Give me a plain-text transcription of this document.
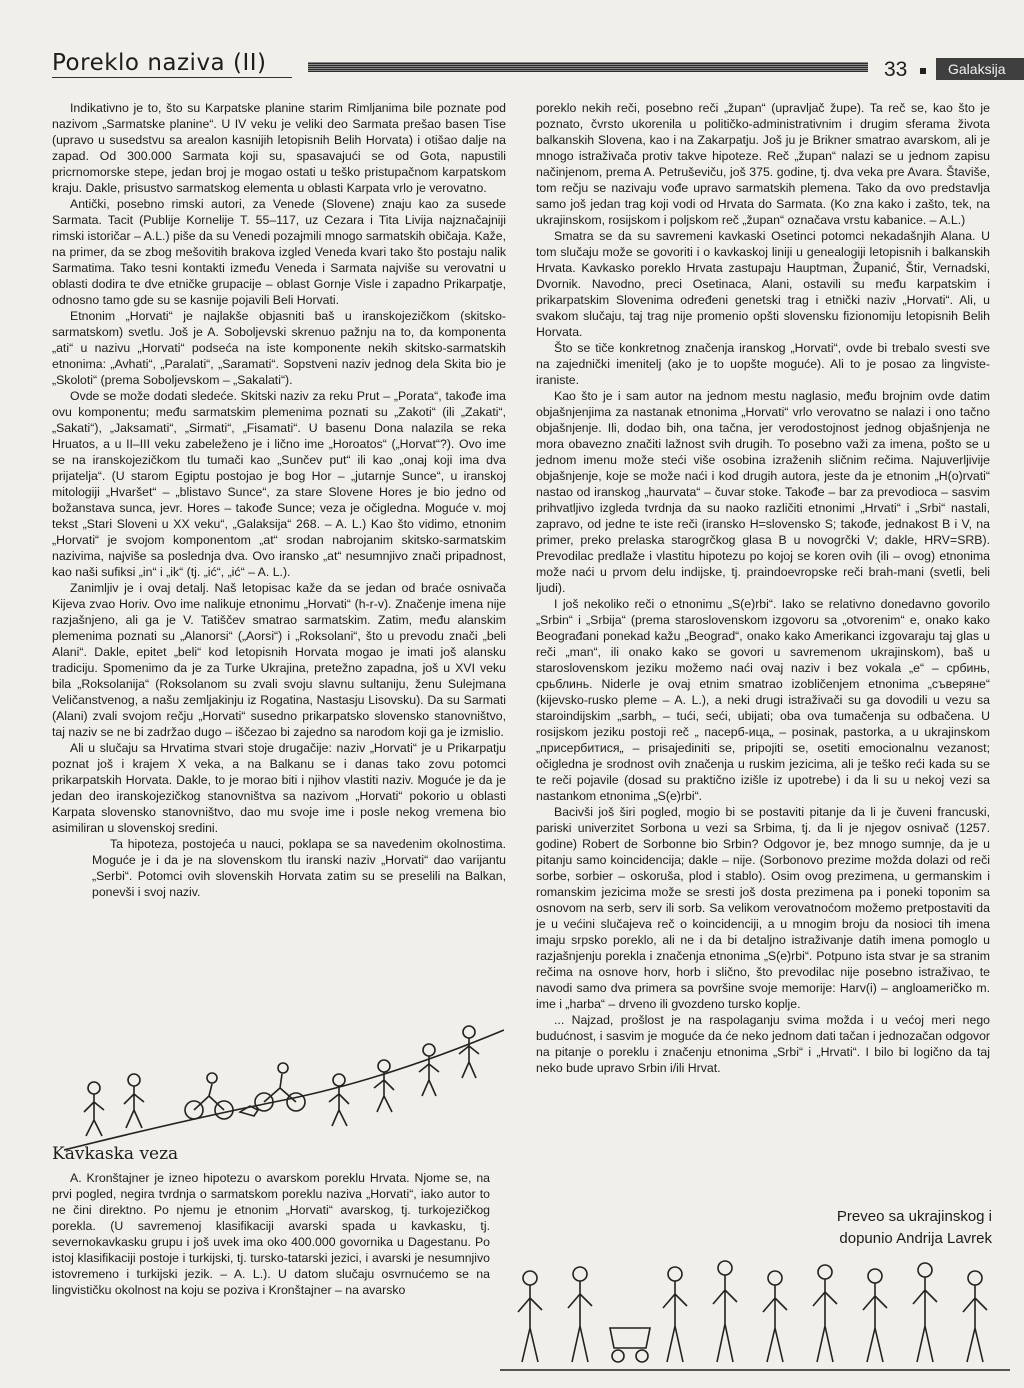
Poreklo naziva (II)	33	Galaksija

Indikativno je to, što su Karpatske planine starim Rimljanima bile poznate pod nazivom „Sarmatske planine“. U IV veku je veliki deo Sarmata prešao basen Tise (upravo u susedstvu sa arealon kasnijih letopisnih Belih Horvata) i otišao dalje na zapad. Od 300.000 Sarmata koji su, spasavajući se od Gota, napustili pricrnomorske stepe, jedan broj je mogao ostati u teško pristupačnom karpatskom kraju. Dakle, prisustvo sarmatskog elementa u oblasti Karpata vrlo je verovatno.

Antički, posebno rimski autori, za Venede (Slovene) znaju kao za susede Sarmata. Tacit (Publije Kornelije T. 55–117, uz Cezara i Tita Livija najznačajniji rimski istoričar – A.L.) piše da su Venedi pozajmili mnogo sarmatskih običaja. Kaže, na primer, da se zbog mešovitih brakova izgled Veneda kvari tako što postaju nalik Sarmatima. Tako tesni kontakti između Veneda i Sarmata najviše su verovatni u oblasti dodira te dve etničke grupacije – oblast Gornje Visle i zapadno Prikarpatje, odnosno tamo gde su se kasnije pojavili Beli Horvati.

Etnonim „Horvati“ je najlakše objasniti baš u iranskojezičkom (skitsko-sarmatskom) svetlu. Još je A. Soboljevski skrenuo pažnju na to, da komponenta „ati“ u nazivu „Horvati“ podseća na iste komponente nekih skitsko-sarmatskih etnonima: „Avhati“, „Paralati“, „Saramati“. Sopstveni naziv jednog dela Skita bio je „Skoloti“ (prema Soboljevskom – „Sakalati“).

Ovde se može dodati sledeće. Skitski naziv za reku Prut – „Porata“, takođe ima ovu komponentu; među sarmatskim plemenima poznati su „Zakoti“ (ili „Zakati“, „Sakati“), „Jaksamati“, „Sirmati“, „Fisamati“. U basenu Dona nalazila se reka Hruatos, a u II–III veku zabeleženo je i lično ime „Horoatos“ („Horvat“?). Ovo ime se na iranskojezičkom tlu tumači kao „Sunčev put“ ili kao „onaj koji ima dva prijatelja“. (U starom Egiptu postojao je bog Hor – „jutarnje Sunce“, u iranskoj mitologiji „Hvaršet“ – „blistavo Sunce“, za stare Slovene Hores je bio jedno od božanstava sunca, jevr. Hores – takođe Sunce; veza je očigledna. Moguće v. moj tekst „Stari Sloveni u XX veku“, „Galaksija“ 268. – A. L.) Kao što vidimo, etnonim „Horvati“ je svojom komponentom „at“ srodan nabrojanim skitsko-sarmatskim nazivima, najviše sa poslednja dva. Ovo iransko „at“ nesumnjivo znači pripadnost, kao naši sufiksi „in“ i „ik“ (tj. „ić“, „ić“ – A. L.).

Zanimljiv je i ovaj detalj. Naš letopisac kaže da se jedan od braće osnivača Kijeva zvao Horiv. Ovo ime nalikuje etnonimu „Horvati“ (h-r-v). Značenje imena nije razjašnjeno, ali ga je V. Tatiščev smatrao sarmatskim. Zatim, među alanskim plemenima poznati su „Alanorsi“ („Aorsi“) i „Roksolani“, što u prevodu znači „beli Alani“. Dakle, epitet „beli“ kod letopisnih Horvata mogao je imati još alansku tradiciju. Spomenimo da je za Turke Ukrajina, pretežno zapadna, još u XVI veku bila „Roksolanija“ (Roksolanom su zvali svoju slavnu sultaniju, ženu Sulejmana Veličanstvenog, a našu zemljakinju iz Rogatina, Nastasju Lisovsku). Da su Sarmati (Alani) zvali svojom rečju „Horvati“ susedno prikarpatsko slovensko stanovništvo, taj naziv se ne bi zadržao dugo – iščezao bi zajedno sa narodom koji ga je izmislio.

Ali u slučaju sa Hrvatima stvari stoje drugačije: naziv „Horvati“ je u Prikarpatju poznat još i krajem X veka, a na Balkanu se i danas tako zovu potomci prikarpatskih Horvata. Dakle, to je morao biti i njihov vlastiti naziv. Moguće je da je jedan deo iranskojezičkog stanovništva sa nazivom „Horvati“ pokorio u oblasti Karpata slovensko stanovništvo, dao mu svoje ime i posle nekog vremena bio asimiliran u slovenskoj sredini.

Ta hipoteza, postojeća u nauci, poklapa se sa navedenim okolnostima. Moguće je i da je na slovenskom tlu iranski naziv „Horvati“ dao varijantu „Serbi“. Potomci ovih slovenskih Horvata zatim su se preselili na Balkan, ponevši i svoj naziv.

Kavkaska veza

A. Kronštajner je izneo hipotezu o avarskom poreklu Hrvata. Njome se, na prvi pogled, negira tvrdnja o sarmatskom poreklu naziva „Horvati“, iako autor to ne čini direktno. Po njemu je etnonim „Horvati“ avarskog, tj. turkojezičkog porekla. (U savremenoj klasifikaciji avarski spada u kavkasku, tj. severnokavkasku grupu i još uvek ima oko 400.000 govornika u Dagestanu. Po istoj klasifikaciji postoje i turkijski, tj. tursko-tatarski jezici, i avarski je nesumnjivo istovremeno i turkijski jezik. – A. L.). U datom slučaju osvrnućemo se na lingvističku okolnost na koju se poziva i Kronštajner – na avarsko

poreklo nekih reči, posebno reči „župan“ (upravljač župe). Ta reč se, kao što je poznato, čvrsto ukorenila u političko-administrativnim i drugim sferama života balkanskih Slovena, kao i na Zakarpatju. Još ju je Brikner smatrao avarskom, ali je mnogo istraživača protiv takve hipoteze. Reč „župan“ nalazi se u jednom zapisu načinjenom, prema A. Petruševiču, još 375. godine, tj. dva veka pre Avara. Štaviše, tom rečju se nazivaju vođe upravo sarmatskih plemena. Tako da ovo predstavlja samo još jedan trag koji vodi od Hrvata do Sarmata. (Ko zna kako i zašto, tek, na ukrajinskom, rosijskom i poljskom reč „župan“ označava vrstu kabanice. – A.L.)

Smatra se da su savremeni kavkaski Osetinci potomci nekadašnjih Alana. U tom slučaju može se govoriti i o kavkaskoj liniji u genealogiji letopisnih i balkanskih Hrvata. Kavkasko poreklo Hrvata zastupaju Hauptman, Županić, Štir, Vernadski, Dvornik. Navodno, preci Osetinaca, Alani, ostavili su među karpatskim i prikarpatskim Slovenima određeni genetski trag i etnički naziv „Horvati“. Ali, u svakom slučaju, taj trag nije promenio opšti slovensku fizionomiju letopisnih Belih Horvata.

Što se tiče konkretnog značenja iranskog „Horvati“, ovde bi trebalo svesti sve na zajednički imenitelj (ako je to uopšte moguće). Ali to je posao za lingviste-iraniste.

Kao što je i sam autor na jednom mestu naglasio, među brojnim ovde datim objašnjenjima za nastanak etnonima „Horvati“ vrlo verovatno se nalazi i ono tačno objašnjenje. Ili, dodao bih, ona tačna, jer verodostojnost jednog objašnjenja ne mora obavezno značiti lažnost svih drugih. To posebno važi za imena, pošto se u jednom imenu može steći više osobina izraženih sličnim rečima. Najuverljivije objašnjenje, koje se može naći i kod drugih autora, jeste da je etnonim „H(o)rvati“ nastao od iranskog „haurvata“ – čuvar stoke. Takođe – bar za prevodioca – sasvim prihvatljivo izgleda tvrdnja da su naoko različiti etnonimi „Hrvati“ i „Srbi“ nastali, zapravo, od jedne te iste reči (iransko H=slovensko S; takođe, jednakost B i V, na primer, preko prelaska starogrčkog glasa B u novogrčki V; dakle, HRV=SRB). Prevodilac predlaže i vlastitu hipotezu po kojoj se koren ovih (ili – ovog) etnonima može naći u prvom delu indijske, tj. praindoevropske reči brah-mani (svetli, beli ljudi).

I još nekoliko reči o etnonimu „S(e)rbi“. Iako se relativno donedavno govorilo „Srbin“ i „Srbija“ (prema staroslovenskom izgovoru sa „otvorenim“ e, onako kako Beograđani ponekad kažu „Beograd“, onako kako Amerikanci izgovaraju taj glas u reči „man“, ili onako kako se govori u savremenom ukrajinskom), baš u staroslovenskom jeziku možemo naći ovaj naziv i bez vokala „e“ – србинь, срьблинь. Niderle je ovaj etnim smatrao izobličenjem etnonima „съверяне“ (kijevsko-rusko pleme – A. L.), a neki drugi istraživači su ga dovodili u vezu sa staroindijskim „sarbh„ – tući, seći, ubijati; oba ova tumačenja su odbačena. U rosijskom jeziku postoji reč „ пасерб-ица„ – posinak, pastorka, a u ukrajinskom „присербитися„ – prisajediniti se, pripojiti se, osetiti emocionalnu vezanost; očigledna je srodnost ovih značenja u ruskim jezicima, ali je teško reći kada su se te reči pojavile (dosad su praktično izišle iz upotrebe) i da li su u nekoj vezi sa nastankom etnonima „S(e)rbi“.

Bacivši još širi pogled, mogio bi se postaviti pitanje da li je čuveni francuski, pariski univerzitet Sorbona u vezi sa Srbima, tj. da li je njegov osnivač (1257. godine) Robert de Sorbonne bio Srbin? Odgovor je, bez mnogo sumnje, da je u pitanju samo koincidencija; dakle – nije. (Sorbonovo prezime možda dolazi od reči sorbe, sorbier – oskoruša, plod i stablo). Osim ovog prezimena, u germanskim i romanskim jezicima može se sresti još dosta prezimena pa i poneki toponim sa osnovom na serb, serv ili sorb. Sa velikom verovatnoćom možemo pretpostaviti da je u većini slučajeva reč o koincidenciji, a u mnogim broju da nosioci tih imena imaju srpsko poreklo, ali ne i da bi detaljno istraživanje datih imena pomoglo u razjašnjenju porekla i značenja etnonima „S(e)rbi“. Potpuno ista stvar je sa stranim rečima na osnove horv, horb i slično, što prevodilac nije posebno istraživao, te navodi samo dva primera sa površine svoje memorije: Harv(i) – angloameričko m. ime i „harba“ – drveno ili gvozdeno tursko koplje.

... Najzad, prošlost je na raspolaganju svima možda i u većoj meri nego budućnost, i sasvim je moguće da će neko jednom dati tačan i jednozačan odgovor na pitanje o poreklu i značenju etnonima „Srbi“ i „Hrvati“. I bilo bi logično da taj neko bude upravo Srbin i/ili Hrvat.

Preveo sa ukrajinskog i
dopunio Andrija Lavrek
